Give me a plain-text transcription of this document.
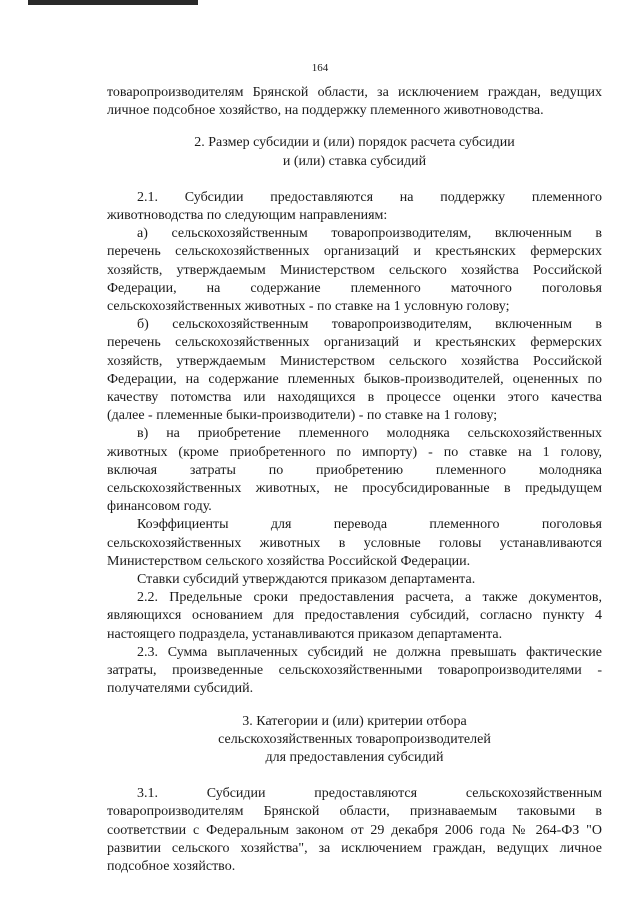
164

товаропроизводителям Брянской области, за исключением граждан, ведущих

личное подсобное хозяйство, на поддержку племенного животноводства.

2. Размер субсидии и (или) порядок расчета субсидии
и (или) ставка субсидий

2.1. Субсидии предоставляются на поддержку племенного

животноводства по следующим направлениям:

а) сельскохозяйственным товаропроизводителям, включенным в

перечень сельскохозяйственных организаций и крестьянских фермерских

хозяйств, утверждаемым Министерством сельского хозяйства Российской

Федерации, на содержание племенного маточного поголовья

сельскохозяйственных животных - по ставке на 1 условную голову;

б) сельскохозяйственным товаропроизводителям, включенным в

перечень сельскохозяйственных организаций и крестьянских фермерских

хозяйств, утверждаемым Министерством сельского хозяйства Российской

Федерации, на содержание племенных быков-производителей, оцененных по

качеству потомства или находящихся в процессе оценки этого качества

(далее - племенные быки-производители) - по ставке на 1 голову;

в) на приобретение племенного молодняка сельскохозяйственных

животных (кроме приобретенного по импорту) - по ставке на 1 голову,

включая затраты по приобретению племенного молодняка

сельскохозяйственных животных, не просубсидированные в предыдущем

финансовом году.

Коэффициенты для перевода племенного поголовья

сельскохозяйственных животных в условные головы устанавливаются

Министерством сельского хозяйства Российской Федерации.

Ставки субсидий утверждаются приказом департамента.

2.2. Предельные сроки предоставления расчета, а также документов,

являющихся основанием для предоставления субсидий, согласно пункту 4

настоящего подраздела, устанавливаются приказом департамента.

2.3. Сумма выплаченных субсидий не должна превышать фактические

затраты, произведенные сельскохозяйственными товаропроизводителями -

получателями субсидий.

3. Категории и (или) критерии отбора
сельскохозяйственных товаропроизводителей
для предоставления субсидий

3.1. Субсидии предоставляются сельскохозяйственным

товаропроизводителям Брянской области, признаваемым таковыми в

соответствии с Федеральным законом от 29 декабря 2006 года № 264-ФЗ "О

развитии сельского хозяйства", за исключением граждан, ведущих личное

подсобное хозяйство.
